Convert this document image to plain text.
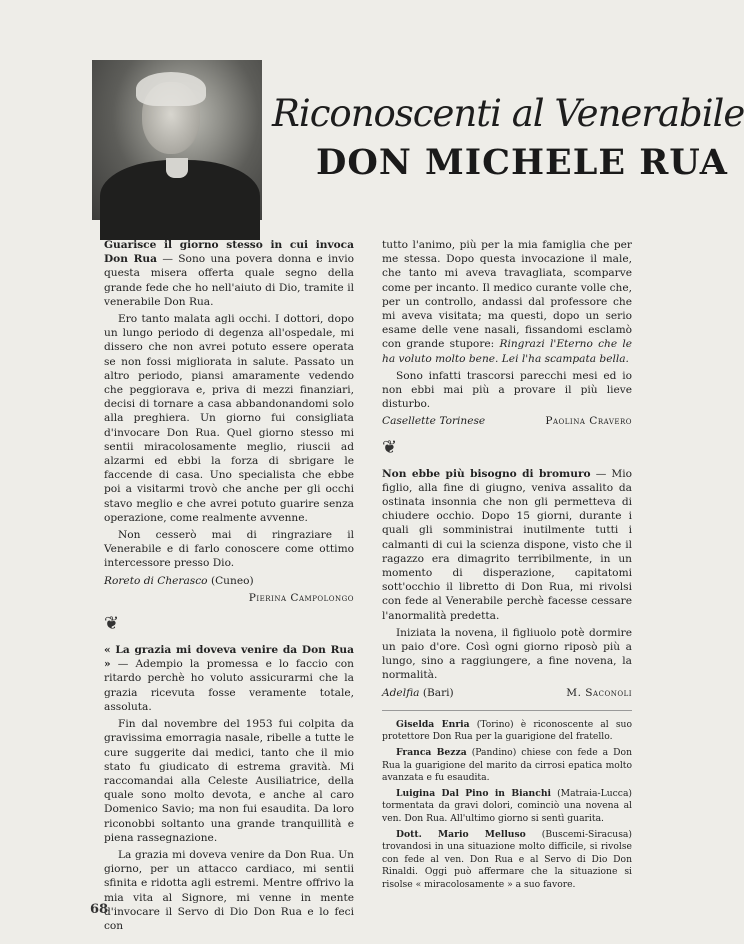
Riconoscenti al Venerabile
DON MICHELE RUA

Guarisce il giorno stesso in cui invoca Don Rua — Sono una povera donna e invio questa misera offerta quale segno della grande fede che ho nell'aiuto di Dio, tramite il venerabile Don Rua.

Ero tanto malata agli occhi. I dottori, dopo un lungo periodo di degenza all'ospedale, mi dissero che non avrei potuto essere operata se non fossi migliorata in salute. Passato un altro periodo, piansi amaramente vedendo che peggiorava e, priva di mezzi finanziari, decisi di tornare a casa abbandonandomi solo alla preghiera. Un giorno fui consigliata d'invocare Don Rua. Quel giorno stesso mi sentii miracolosamente meglio, riuscii ad alzarmi ed ebbi la forza di sbrigare le faccende di casa. Uno specialista che ebbe poi a visitarmi trovò che anche per gli occhi stavo meglio e che avrei potuto guarire senza operazione, come realmente avvenne.

Non cesserò mai di ringraziare il Venerabile e di farlo conoscere come ottimo intercessore presso Dio.

Roreto di Cherasco (Cuneo)
Pierina Campolongo
❦

« La grazia mi doveva venire da Don Rua » — Adempio la promessa e lo faccio con ritardo perchè ho voluto assicurarmi che la grazia ricevuta fosse veramente totale, assoluta.

Fin dal novembre del 1953 fui colpita da gravissima emorragia nasale, ribelle a tutte le cure suggerite dai medici, tanto che il mio stato fu giudicato di estrema gravità. Mi raccomandai alla Celeste Ausiliatrice, della quale sono molto devota, e anche al caro Domenico Savio; ma non fui esaudita. Da loro riconobbi soltanto una grande tranquillità e piena rassegnazione.

La grazia mi doveva venire da Don Rua. Un giorno, per un attacco cardiaco, mi sentii sfinita e ridotta agli estremi. Mentre offrivo la mia vita al Signore, mi venne in mente d'invocare il Servo di Dio Don Rua e lo feci con

tutto l'animo, più per la mia famiglia che per me stessa. Dopo questa invocazione il male, che tanto mi aveva travagliata, scomparve come per incanto. Il medico curante volle che, per un controllo, andassi dal professore che mi aveva visitata; ma questi, dopo un serio esame delle vene nasali, fissandomi esclamò con grande stupore: Ringrazi l'Eterno che le ha voluto molto bene. Lei l'ha scampata bella.

Sono infatti trascorsi parecchi mesi ed io non ebbi mai più a provare il più lieve disturbo.

Casellette Torinese	Paolina Cravero
❦

Non ebbe più bisogno di bromuro — Mio figlio, alla fine di giugno, veniva assalito da ostinata insonnia che non gli permetteva di chiudere occhio. Dopo 15 giorni, durante i quali gli somministrai inutilmente tutti i calmanti di cui la scienza dispone, visto che il ragazzo era dimagrito terribilmente, in un momento di disperazione, capitatomi sott'occhio il libretto di Don Rua, mi rivolsi con fede al Venerabile perchè facesse cessare l'anormalità predetta.

Iniziata la novena, il figliuolo potè dormire un paio d'ore. Così ogni giorno riposò più a lungo, sino a raggiungere, a fine novena, la normalità.

Adelfia (Bari)	M. Saconoli

Giselda Enria (Torino) è riconoscente al suo protettore Don Rua per la guarigione del fratello.

Franca Bezza (Pandino) chiese con fede a Don Rua la guarigione del marito da cirrosi epatica molto avanzata e fu esaudita.

Luigina Dal Pino in Bianchi (Matraia-Lucca) tormentata da gravi dolori, cominciò una novena al ven. Don Rua. All'ultimo giorno si sentì guarita.

Dott. Mario Melluso (Buscemi-Siracusa) trovandosi in una situazione molto difficile, si rivolse con fede al ven. Don Rua e al Servo di Dio Don Rinaldi. Oggi può affermare che la situazione si risolse « miracolosamente » a suo favore.

68
